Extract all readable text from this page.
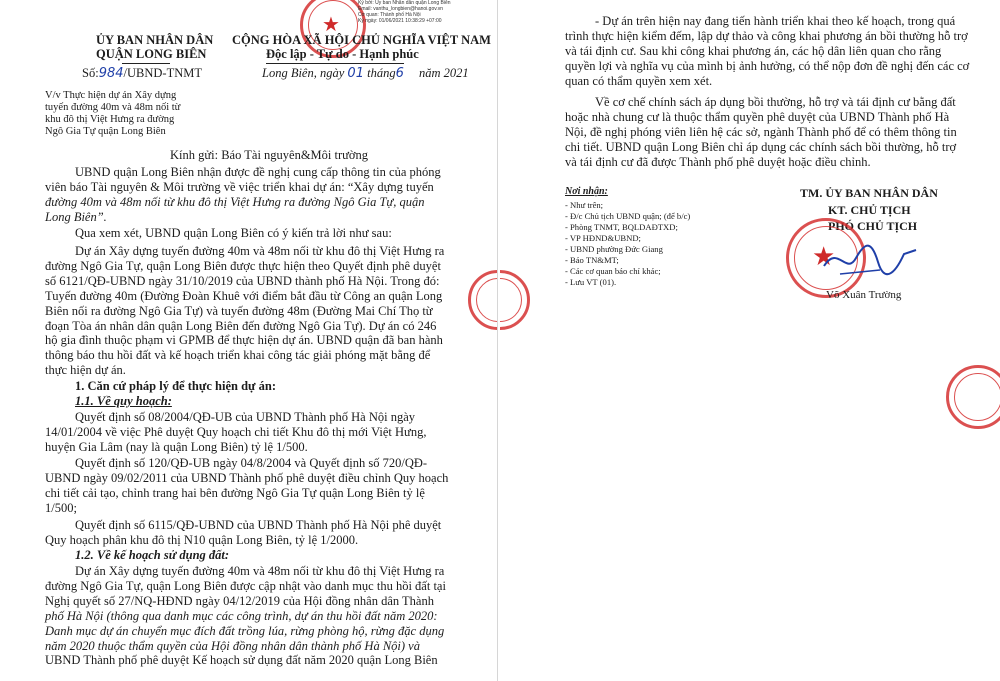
★
ỦY BAN NHÂN DÂN
QUẬN LONG BIÊN
CỘNG HÒA XÃ HỘI CHỦ NGHĨA VIỆT NAM
Độc lập - Tự do - Hạnh phúc
Ký bởi: Ủy ban Nhân dân quận Long Biên
Email: vanthu_longbien@hanoi.gov.vn
Cơ quan: Thành phố Hà Nội
Ký ngày: 01/06/2021 10:38:29 +07:00
Số:984/UBND-TNMT	Long Biên, ngày 01 tháng6 năm 2021
V/v Thực hiện dự án Xây dựng
tuyến đường 40m và 48m nối từ
khu đô thị Việt Hưng ra đường
Ngô Gia Tự quận Long Biên
Kính gửi: Báo Tài nguyên&Môi trường
UBND quận Long Biên nhận được đề nghị cung cấp thông tin của phóng
viên báo Tài nguyên & Môi trường về việc triển khai dự án: “Xây dựng tuyến
đường 40m và 48m nối từ khu đô thị Việt Hưng ra đường Ngô Gia Tự, quận
Long Biên”.
Qua xem xét, UBND quận Long Biên có ý kiến trả lời như sau:
Dự án Xây dựng tuyến đường 40m và 48m nối từ khu đô thị Việt Hưng ra
đường Ngô Gia Tự, quận Long Biên được thực hiện theo Quyết định phê duyệt
số 6121/QĐ-UBND ngày 31/10/2019 của UBND thành phố Hà Nội. Trong đó:
Tuyến đường 40m (Đường Đoàn Khuê với điểm bắt đầu từ Công an quận Long
Biên nối ra đường Ngô Gia Tự) và tuyến đường 48m (Đường Mai Chí Thọ từ
đoạn Tòa án nhân dân quận Long Biên đến đường Ngô Gia Tự). Dự án có 246
hộ gia đình thuộc phạm vi GPMB để thực hiện dự án. UBND quận đã ban hành
thông báo thu hồi đất và kế hoạch triển khai công tác giải phóng mặt bằng để
thực hiện dự án.
1. Căn cứ pháp lý để thực hiện dự án:
1.1. Về quy hoạch:
Quyết định số 08/2004/QĐ-UB của UBND Thành phố Hà Nội ngày
14/01/2004 về việc Phê duyệt Quy hoạch chi tiết Khu đô thị mới Việt Hưng,
huyện Gia Lâm (nay là quận Long Biên) tỷ lệ 1/500.
Quyết định số 120/QĐ-UB ngày 04/8/2004 và Quyết định số 720/QĐ-
UBND ngày 09/02/2011 của UBND Thành phố phê duyệt điều chỉnh Quy hoạch
chi tiết cải tạo, chỉnh trang hai bên đường Ngô Gia Tự quận Long Biên tỷ lệ
1/500;
Quyết định số 6115/QĐ-UBND của UBND Thành phố Hà Nội phê duyệt
Quy hoạch phân khu đô thị N10 quận Long Biên, tỷ lệ 1/2000.
1.2. Về kế hoạch sử dụng đất:
Dự án Xây dựng tuyến đường 40m và 48m nối từ khu đô thị Việt Hưng ra
đường Ngô Gia Tự, quận Long Biên được cập nhật vào danh mục thu hồi đất tại
Nghị quyết số 27/NQ-HĐND ngày 04/12/2019 của Hội đồng nhân dân Thành
phố Hà Nội (thông qua danh mục các công trình, dự án thu hồi đất năm 2020:
Danh mục dự án chuyển mục đích đất trồng lúa, rừng phòng hộ, rừng đặc dụng
năm 2020 thuộc thẩm quyền của Hội đồng nhân dân thành phố Hà Nội) và
UBND Thành phố phê duyệt Kế hoạch sử dụng đất năm 2020 quận Long Biên
- Dự án trên hiện nay đang tiến hành triển khai theo kế hoạch, trong quá
trình thực hiện kiểm đếm, lập dự thảo và công khai phương án bồi thường hỗ trợ
và tái định cư. Sau khi công khai phương án, các hộ dân liên quan cho rằng
quyền lợi và nghĩa vụ của mình bị ảnh hưởng, có thể nộp đơn đề nghị đến các cơ
quan có thẩm quyền xem xét.
Về cơ chế chính sách áp dụng bồi thường, hỗ trợ và tái định cư bằng đất
hoặc nhà chung cư là thuộc thẩm quyền phê duyệt của UBND Thành phố Hà
Nội, đề nghị phóng viên liên hệ các sở, ngành Thành phố để có thêm thông tin
chi tiết. UBND quận Long Biên chỉ áp dụng các chính sách bồi thường, hỗ trợ
và tái định cư đã được Thành phố phê duyệt hoặc điều chỉnh.
Nơi nhận:
- Như trên;
- Đ/c Chủ tịch UBND quận; (để b/c)
- Phòng TNMT, BQLDAĐTXD;
- VP HĐND&UBND;
- UBND phường Đức Giang
- Báo TN&MT;
- Các cơ quan báo chí khác;
- Lưu VT (01).
TM. ỦY BAN NHÂN DÂN
KT. CHỦ TỊCH
PHÓ CHỦ TỊCH
★
Võ Xuân Trường
